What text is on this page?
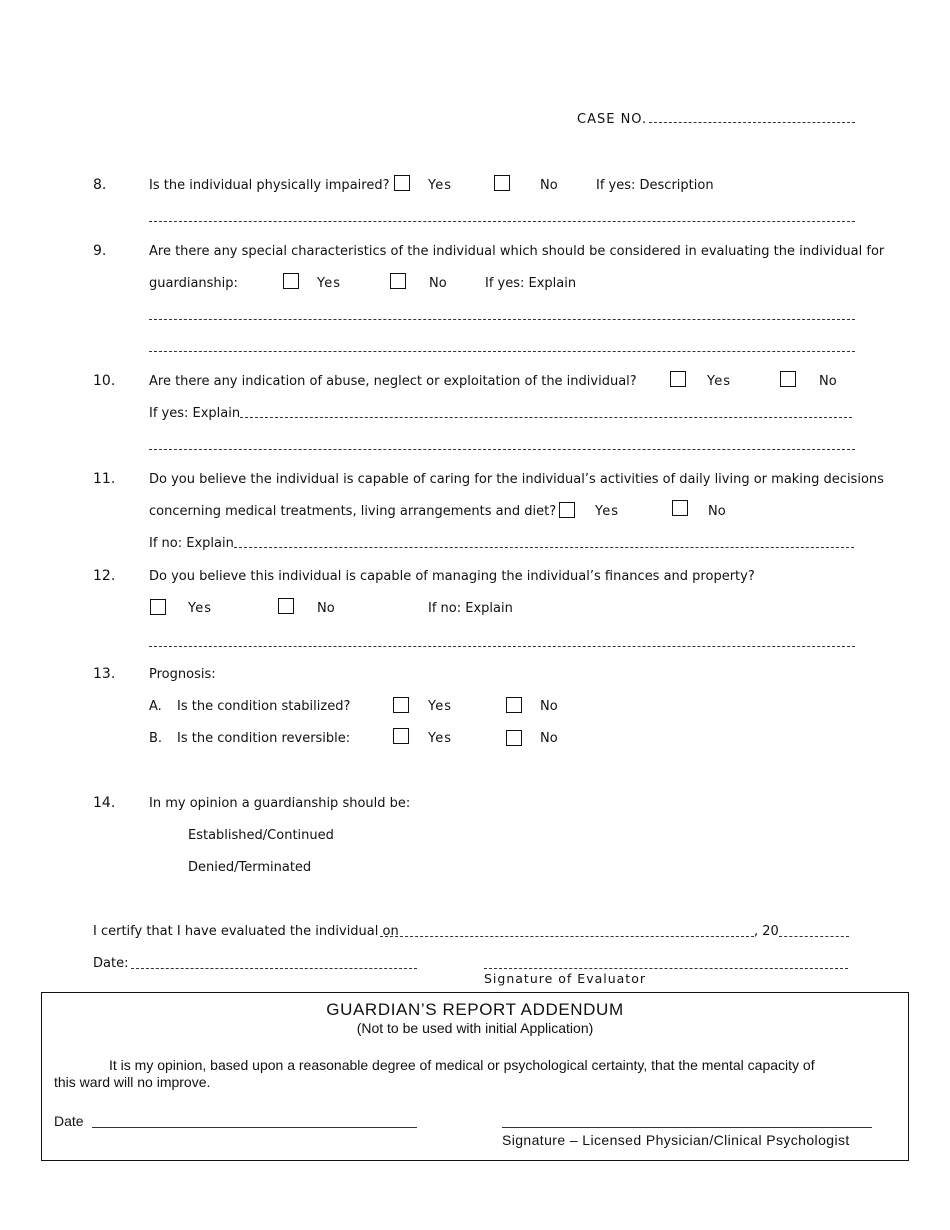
CASE NO.
8.	Is the individual physically impaired?	Yes	No	If yes: Description
9.	Are there any special characteristics of the individual which should be considered in evaluating the individual for
guardianship:	Yes	No	If yes: Explain
10.	Are there any indication of abuse, neglect or exploitation of the individual?	Yes	No
If yes: Explain
11.	Do you believe the individual is capable of caring for the individual’s activities of daily living or making decisions
concerning medical treatments, living arrangements and diet?	Yes	No
If no: Explain
12.	Do you believe this individual is capable of managing the individual’s finances and property?
Yes	No	If no: Explain
13.	Prognosis:
A. Is the condition stabilized?	Yes	No
B. Is the condition reversible:	Yes	No
14.	In my opinion a guardianship should be:
Established/Continued
Denied/Terminated
I certify that I have evaluated the individual on	, 20
Date:
Signature of Evaluator
GUARDIAN’S REPORT ADDENDUM
(Not to be used with initial Application)
It is my opinion, based upon a reasonable degree of medical or psychological certainty, that the mental capacity of
this ward will no improve.
Date
Signature – Licensed Physician/Clinical Psychologist
